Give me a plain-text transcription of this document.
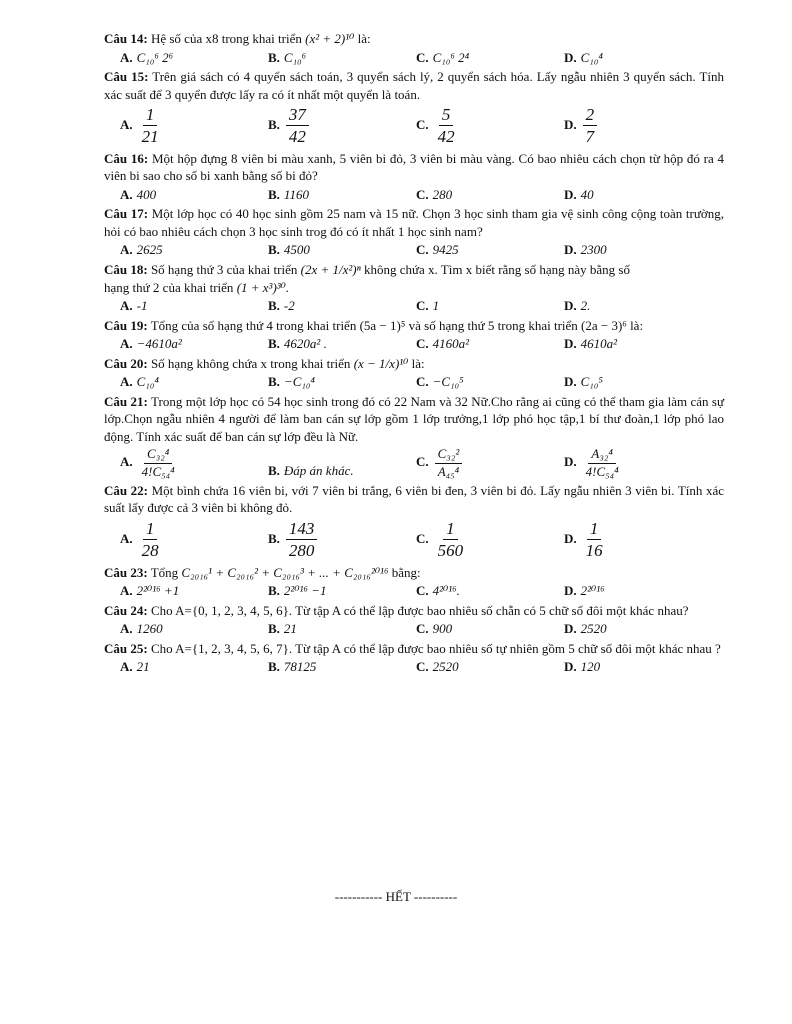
Câu 14: Hệ số của x8 trong khai triển (x² + 2)¹⁰ là:
A. C₁₀⁶ 2⁶	B. C₁₀⁶	C. C₁₀⁶ 2⁴	D. C₁₀⁴
Câu 15: Trên giá sách có 4 quyển sách toán, 3 quyển sách lý, 2 quyển sách hóa. Lấy ngẫu nhiên 3 quyển sách. Tính xác suất để 3 quyển được lấy ra có ít nhất một quyển là toán.
A. $\frac{1}{21}$	B. $\frac{37}{42}$	C. $\frac{5}{42}$	D. $\frac{2}{7}$
Câu 16: Một hộp đựng 8 viên bi màu xanh, 5 viên bi đỏ, 3 viên bi màu vàng. Có bao nhiêu cách chọn từ hộp đó ra 4 viên bi sao cho số bi xanh bằng số bi đỏ?
A. 400	B. 1160	C. 280	D. 40
Câu 17: Một lớp học có 40 học sinh gồm 25 nam và 15 nữ. Chọn 3 học sinh tham gia vệ sinh công cộng toàn trường, hỏi có bao nhiêu cách chọn 3 học sinh trog đó có ít nhất 1 học sinh nam?
A. 2625	B. 4500	C. 9425	D. 2300
Câu 18: Số hạng thứ 3 của khai triển (2x + 1/x²)ⁿ không chứa x. Tìm x biết rằng số hạng này bằng số
hạng thứ 2 của khai triển (1 + x³)³⁰.
A. -1	B. -2	C. 1	D. 2.
Câu 19: Tổng của số hạng thứ 4 trong khai triển (5a − 1)⁵ và số hạng thứ 5 trong khai triển (2a − 3)⁶ là:
A. −4610a²	B. 4620a² .	C. 4160a²	D. 4610a²
Câu 20: Số hạng không chứa x trong khai triển (x − 1/x)¹⁰ là:
A. C₁₀⁴	B. −C₁₀⁴	C. −C₁₀⁵	D. C₁₀⁵
Câu 21: Trong một lớp học có 54 học sinh trong đó có 22 Nam và 32 Nữ.Cho rằng ai cũng có thể tham gia làm cán sự lớp.Chọn ngẫu nhiên 4 người để làm ban cán sự lớp gồm 1 lớp trưởng,1 lớp phó học tập,1 bí thư đoàn,1 lớp phó lao động. Tính xác suất để ban cán sự lớp đều là Nữ.
A. $\frac{\text{C₃₂⁴}}{\text{4!C₅₄⁴}}$	B. Đáp án khác.
C. $\frac{\text{C₃₂²}}{\text{A₄₅⁴}}$	D. $\frac{\text{A₃₂⁴}}{\text{4!C₅₄⁴}}$
Câu 22: Một bình chứa 16 viên bi, với 7 viên bi trắng, 6 viên bi đen, 3 viên bi đỏ. Lấy ngẫu nhiên 3 viên bi. Tính xác suất lấy được cả 3 viên bi không đỏ.
A. $\frac{1}{28}$	B. $\frac{143}{280}$	C. $\frac{1}{560}$	D. $\frac{1}{16}$
Câu 23: Tổng C₂₀₁₆¹ + C₂₀₁₆² + C₂₀₁₆³ + ... + C₂₀₁₆²⁰¹⁶ bằng:
A. 2²⁰¹⁶ +1	B. 2²⁰¹⁶ −1	C. 4²⁰¹⁶.	D. 2²⁰¹⁶
Câu 24: Cho A={0, 1, 2, 3, 4, 5, 6}. Từ tập A có thể lập được bao nhiêu số chẵn có 5 chữ số đôi một khác nhau?
A. 1260	B. 21	C. 900	D. 2520
Câu 25: Cho A={1, 2, 3, 4, 5, 6, 7}. Từ tập A có thể lập được bao nhiêu số tự nhiên gồm 5 chữ số đôi một khác nhau ?
A. 21	B. 78125	C. 2520	D. 120
----------- HẾT ----------
